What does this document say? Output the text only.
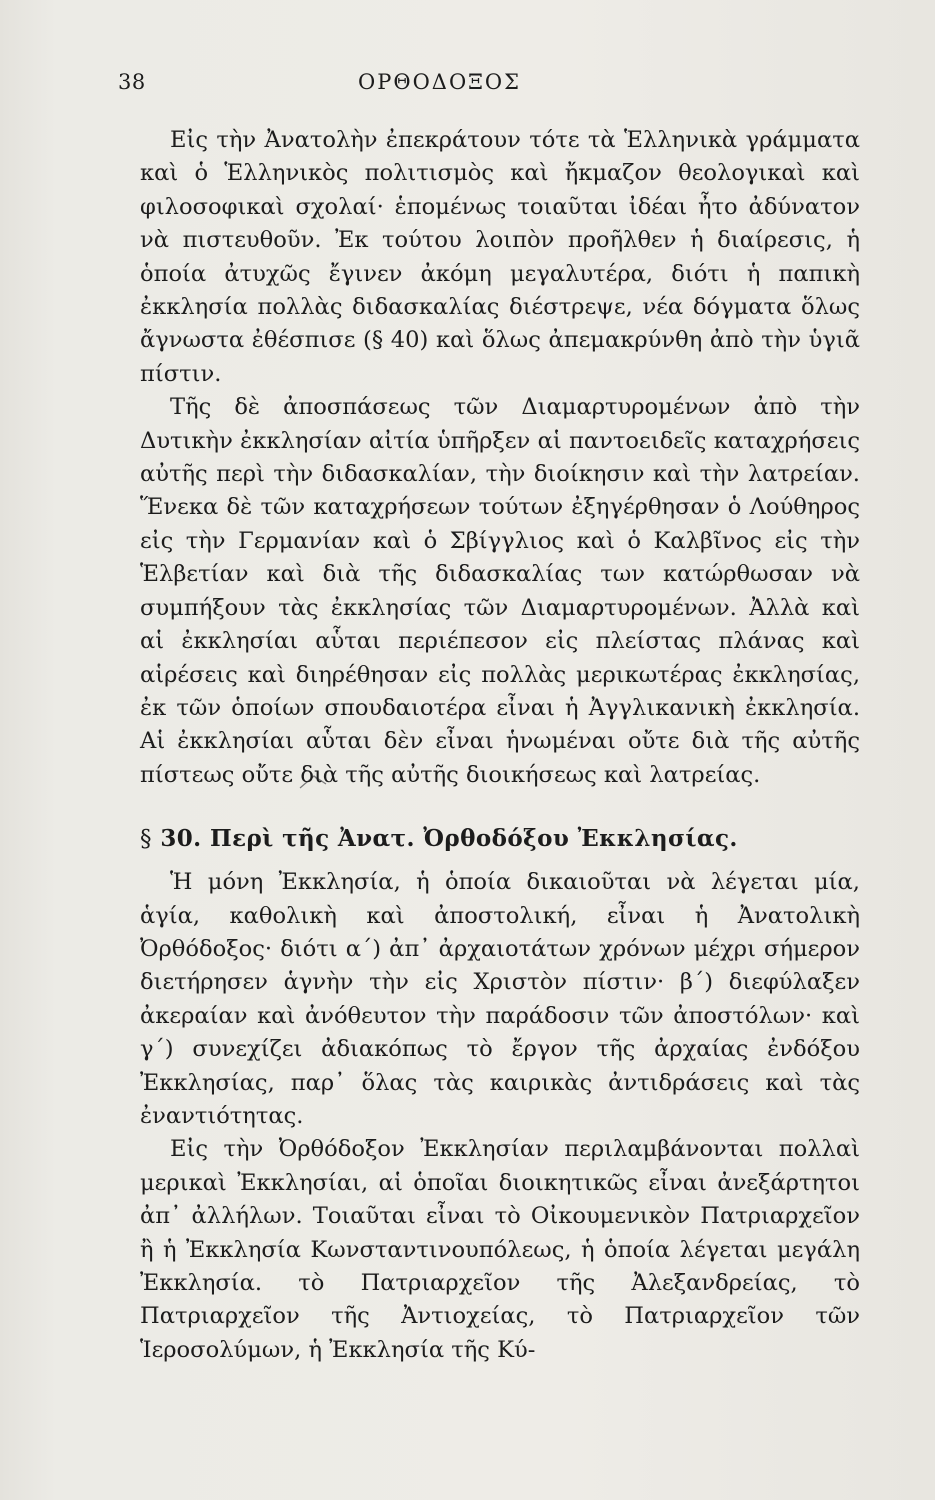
38	ΟΡΘΟΔΟΞΟΣ

Εἰς τὴν Ἀνατολὴν ἐπεκράτουν τότε τὰ Ἑλληνικὰ γράμματα καὶ ὁ Ἑλληνικὸς πολιτισμὸς καὶ ἤκμαζον θεολογικαὶ καὶ φιλοσοφικαὶ σχολαί· ἑπομένως τοιαῦται ἰδέαι ἦτο ἀδύνατον νὰ πιστευθοῦν. Ἐκ τούτου λοιπὸν προῆλθεν ἡ διαίρεσις, ἡ ὁποία ἀτυχῶς ἔγινεν ἀκόμη μεγαλυτέρα, διότι ἡ παπικὴ ἐκκλησία πολλὰς διδασκαλίας διέστρεψε, νέα δόγματα ὅλως ἄγνωστα ἐθέσπισε (§ 40) καὶ ὅλως ἀπεμακρύνθη ἀπὸ τὴν ὑγιᾶ πίστιν.

Τῆς δὲ ἀποσπάσεως τῶν Διαμαρτυρομένων ἀπὸ τὴν Δυτικὴν ἐκκλησίαν αἰτία ὑπῆρξεν αἱ παντοειδεῖς καταχρήσεις αὐτῆς περὶ τὴν διδασκαλίαν, τὴν διοίκησιν καὶ τὴν λατρείαν. Ἕνεκα δὲ τῶν καταχρήσεων τούτων ἐξηγέρθησαν ὁ Λούθηρος εἰς τὴν Γερμανίαν καὶ ὁ Σβίγγλιος καὶ ὁ Καλβῖνος εἰς τὴν Ἑλβετίαν καὶ διὰ τῆς διδασκαλίας των κατώρθωσαν νὰ συμπήξουν τὰς ἐκκλησίας τῶν Διαμαρτυρομένων. Ἀλλὰ καὶ αἱ ἐκκλησίαι αὗται περιέπεσον εἰς πλείστας πλάνας καὶ αἱρέσεις καὶ διηρέθησαν εἰς πολλὰς μερικωτέρας ἐκκλησίας, ἐκ τῶν ὁποίων σπουδαιοτέρα εἶναι ἡ Ἀγγλικανικὴ ἐκκλησία. Αἱ ἐκκλησίαι αὗται δὲν εἶναι ἡνωμέναι οὔτε διὰ τῆς αὐτῆς πίστεως οὔτε διὰ τῆς αὐτῆς διοικήσεως καὶ λατρείας.

§ 30. Περὶ τῆς Ἀνατ. Ὀρθοδόξου Ἐκκλησίας.

Ἡ μόνη Ἐκκλησία, ἡ ὁποία δικαιοῦται νὰ λέγεται μία, ἁγία, καθολικὴ καὶ ἀποστολική, εἶναι ἡ Ἀνατολικὴ Ὀρθόδοξος· διότι α΄) ἀπ᾽ ἀρχαιοτάτων χρόνων μέχρι σήμερον διετήρησεν ἁγνὴν τὴν εἰς Χριστὸν πίστιν· β΄) διεφύλαξεν ἀκεραίαν καὶ ἀνόθευτον τὴν παράδοσιν τῶν ἀποστόλων· καὶ γ΄) συνεχίζει ἀδιακόπως τὸ ἔργον τῆς ἀρχαίας ἐνδόξου Ἐκκλησίας, παρ᾽ ὅλας τὰς καιρικὰς ἀντιδράσεις καὶ τὰς ἐναντιότητας.

Εἰς τὴν Ὀρθόδοξον Ἐκκλησίαν περιλαμβάνονται πολλαὶ μερικαὶ Ἐκκλησίαι, αἱ ὁποῖαι διοικητικῶς εἶναι ἀνεξάρτητοι ἀπ᾽ ἀλλήλων. Τοιαῦται εἶναι τὸ Οἰκουμενικὸν Πατριαρχεῖον ἢ ἡ Ἐκκλησία Κωνσταντινουπόλεως, ἡ ὁποία λέγεται μεγάλη Ἐκκλησία. τὸ Πατριαρχεῖον τῆς Ἀλεξανδρείας, τὸ Πατριαρχεῖον τῆς Ἀντιοχείας, τὸ Πατριαρχεῖον τῶν Ἱεροσολύμων, ἡ Ἐκκλησία τῆς Κύ-
